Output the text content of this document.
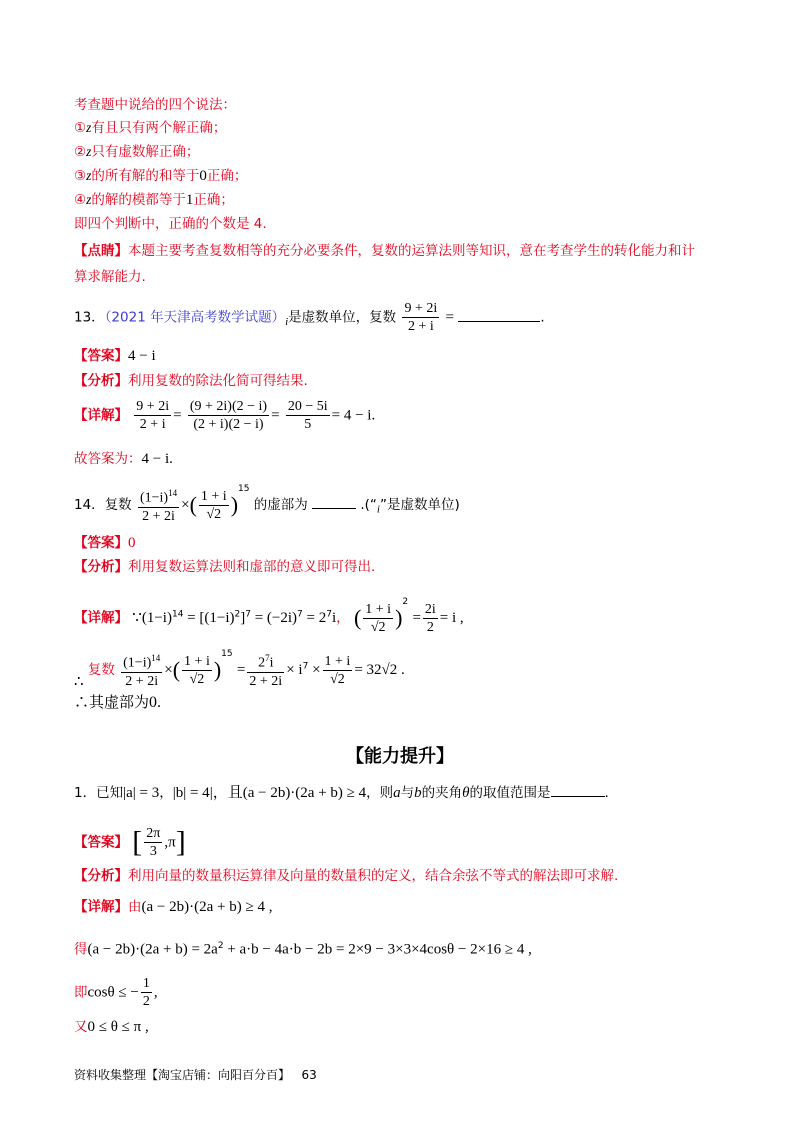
考查题中说给的四个说法：
①z有且只有两个解正确；
②z只有虚数解正确；
③z的所有解的和等于0正确；
④z的解的模都等于1正确；
即四个判断中，正确的个数是 4.
【点睛】本题主要考查复数相等的充分必要条件，复数的运算法则等知识，意在考查学生的转化能力和计
算求解能力.
13．（2021 年天津高考数学试题）$_i$是虚数单位，复数 $\frac{9 + 2i}{2 + i}$ =	.
【答案】4 − i
【分析】利用复数的除法化简可得结果.
【详解】 $\frac{9 + 2i}{2 + i} = \frac{(9 + 2i)(2 - i)}{(2 + i)(2 - i)} = \frac{20 - 5i}{5} = 4 - i$.
故答案为：4 − i.
14．复数 $\frac{(1-i)^{14}}{2 + 2i}$ ×( $\frac{1 + i}{√2} )^{15}$ 的虚部为	$.(“_i$”是虚数单位)
【答案】0
【分析】利用复数运算法则和虚部的意义即可得出.
【详解】 $\because(1-i)^{14} = [(1-i)^2]^7 = (-2i)^7 = 2^7i$， ( $\frac{1 + i}{√2} )^2 = \frac{2i}{2} = i$ ,
∴ 复数 $\frac{(1-i)^{14}}{2 + 2i}$ ×( $\frac{1 + i}{√2} )^{15} = \frac{2^7i}{2 + 2i} \times i^7 \times \frac{1 + i}{√2} = 32√2$ .
∴其虚部为0.
【能力提升】
1．已知|a| = 3，|b| = 4|，且(a − 2b)·(2a + b) ≥ 4，则a与b的夹角θ的取值范围是	.
【答案】 [ $\frac{2\pi}{3} ,\pi$]
【分析】利用向量的数量积运算律及向量的数量积的定义，结合余弦不等式的解法即可求解.
【详解】由(a − 2b)·(2a + b) ≥ 4 ,
得$(a - 2b)\cdot(2a + b) = 2a^2 + a\cdot b - 4a\cdot b - 2b = 2\times 9 - 3\times 3\times 4\cos\theta - 2\times 16 \ge 4$ ,
即cosθ ≤ − $\frac{1}{2}$ ,
又0 ≤ θ ≤ π ,
资料收集整理【淘宝店铺：向阳百分百】 63
